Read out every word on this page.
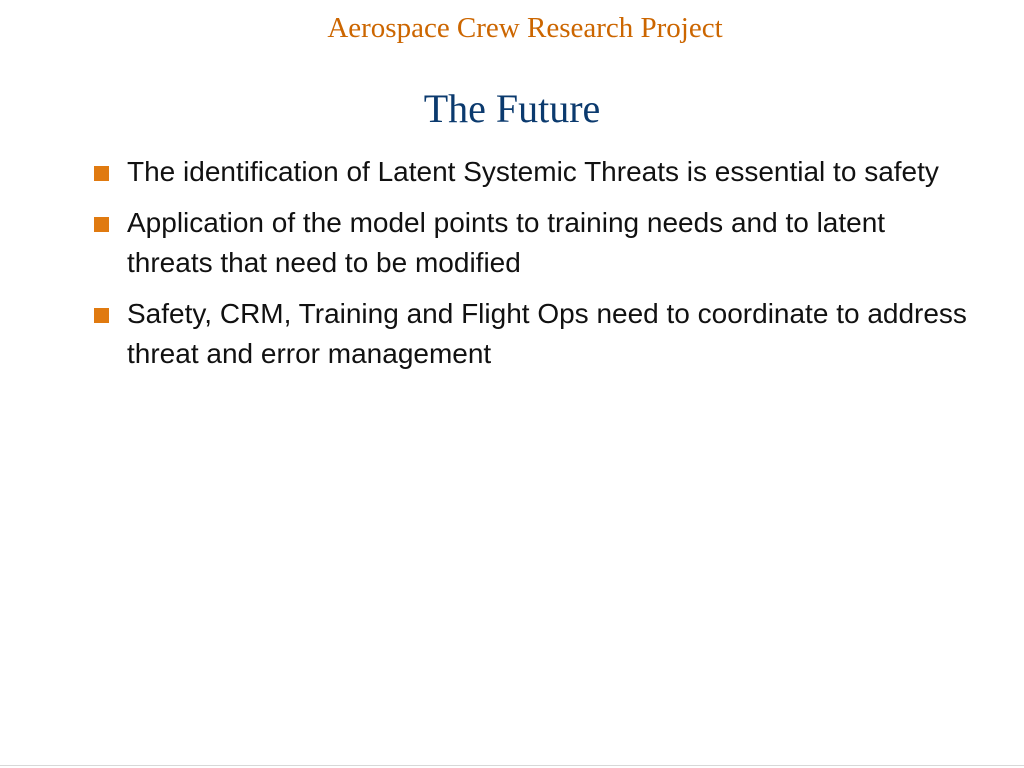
Aerospace Crew Research Project
The Future
The identification of Latent Systemic Threats is essential to safety
Application of the model points to training needs and to latent threats that need to be modified
Safety, CRM, Training and Flight Ops need to coordinate to address threat and error management
